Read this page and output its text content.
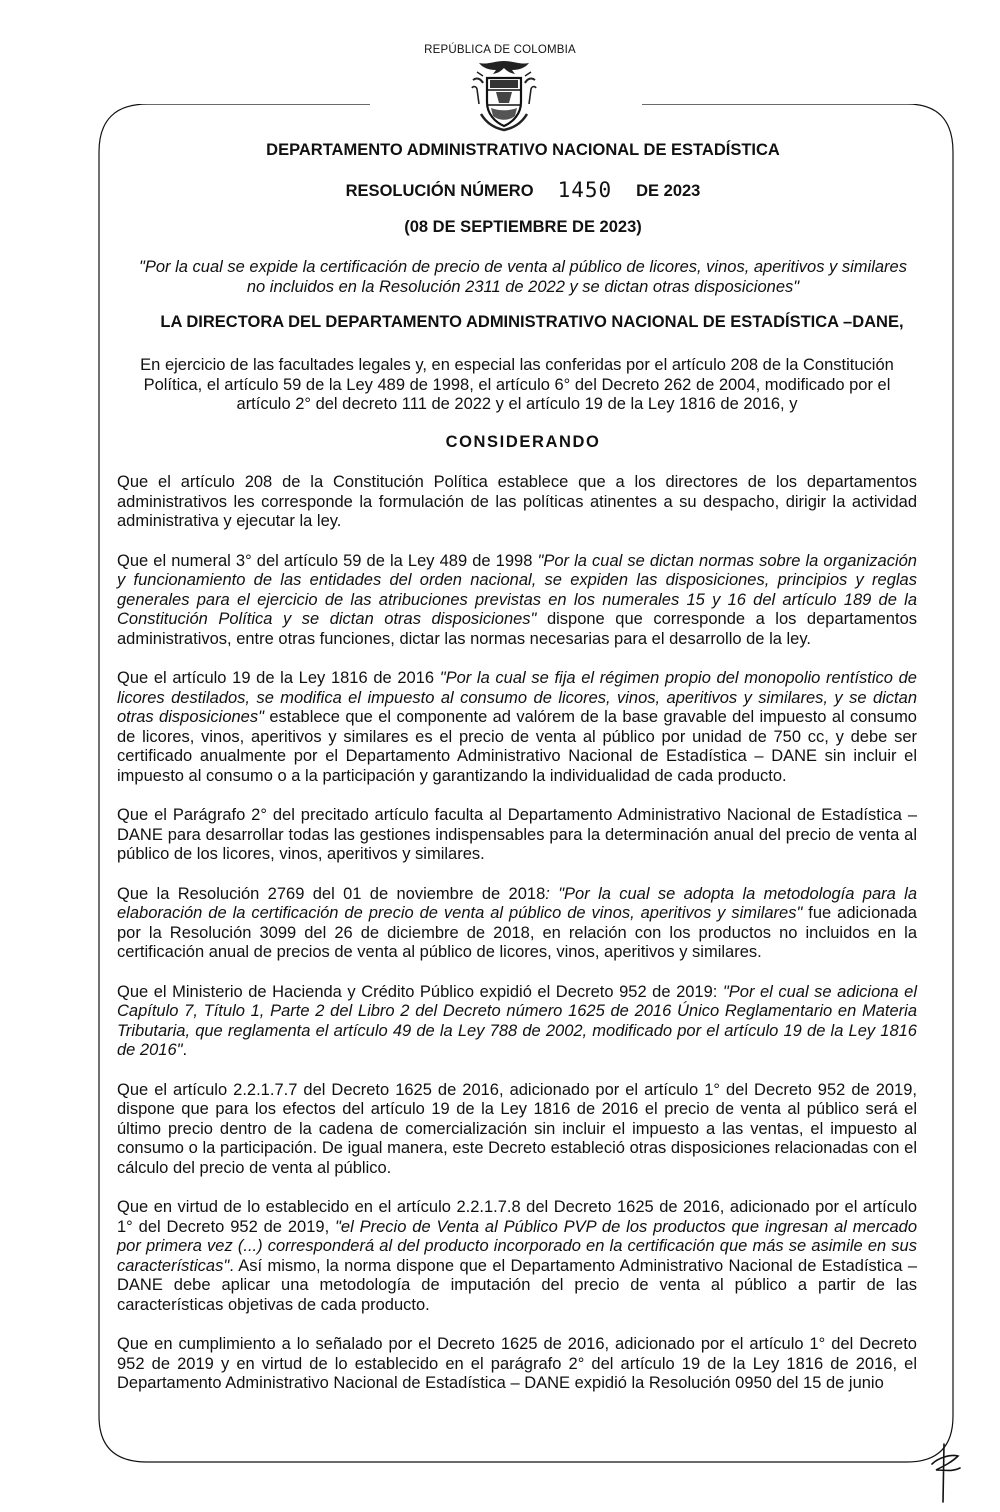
REPÚBLICA DE COLOMBIA
DEPARTAMENTO ADMINISTRATIVO NACIONAL DE ESTADÍSTICA
RESOLUCIÓN NÚMERO 1450 DE 2023
(08 DE SEPTIEMBRE DE 2023)
"Por la cual se expide la certificación de precio de venta al público de licores, vinos, aperitivos y similares no incluidos en la Resolución 2311 de 2022 y se dictan otras disposiciones"
LA DIRECTORA DEL DEPARTAMENTO ADMINISTRATIVO NACIONAL DE ESTADÍSTICA –DANE,
En ejercicio de las facultades legales y, en especial las conferidas por el artículo 208 de la Constitución Política, el artículo 59 de la Ley 489 de 1998, el artículo 6° del Decreto 262 de 2004, modificado por el artículo 2° del decreto 111 de 2022 y el artículo 19 de la Ley 1816 de 2016, y
CONSIDERANDO

Que el artículo 208 de la Constitución Política establece que a los directores de los departamentos administrativos les corresponde la formulación de las políticas atinentes a su despacho, dirigir la actividad administrativa y ejecutar la ley.

Que el numeral 3° del artículo 59 de la Ley 489 de 1998 "Por la cual se dictan normas sobre la organización y funcionamiento de las entidades del orden nacional, se expiden las disposiciones, principios y reglas generales para el ejercicio de las atribuciones previstas en los numerales 15 y 16 del artículo 189 de la Constitución Política y se dictan otras disposiciones" dispone que corresponde a los departamentos administrativos, entre otras funciones, dictar las normas necesarias para el desarrollo de la ley.

Que el artículo 19 de la Ley 1816 de 2016 "Por la cual se fija el régimen propio del monopolio rentístico de licores destilados, se modifica el impuesto al consumo de licores, vinos, aperitivos y similares, y se dictan otras disposiciones" establece que el componente ad valórem de la base gravable del impuesto al consumo de licores, vinos, aperitivos y similares es el precio de venta al público por unidad de 750 cc, y debe ser certificado anualmente por el Departamento Administrativo Nacional de Estadística – DANE sin incluir el impuesto al consumo o a la participación y garantizando la individualidad de cada producto.

Que el Parágrafo 2° del precitado artículo faculta al Departamento Administrativo Nacional de Estadística – DANE para desarrollar todas las gestiones indispensables para la determinación anual del precio de venta al público de los licores, vinos, aperitivos y similares.

Que la Resolución 2769 del 01 de noviembre de 2018: "Por la cual se adopta la metodología para la elaboración de la certificación de precio de venta al público de vinos, aperitivos y similares" fue adicionada por la Resolución 3099 del 26 de diciembre de 2018, en relación con los productos no incluidos en la certificación anual de precios de venta al público de licores, vinos, aperitivos y similares.

Que el Ministerio de Hacienda y Crédito Público expidió el Decreto 952 de 2019: "Por el cual se adiciona el Capítulo 7, Título 1, Parte 2 del Libro 2 del Decreto número 1625 de 2016 Único Reglamentario en Materia Tributaria, que reglamenta el artículo 49 de la Ley 788 de 2002, modificado por el artículo 19 de la Ley 1816 de 2016".

Que el artículo 2.2.1.7.7 del Decreto 1625 de 2016, adicionado por el artículo 1° del Decreto 952 de 2019, dispone que para los efectos del artículo 19 de la Ley 1816 de 2016 el precio de venta al público será el último precio dentro de la cadena de comercialización sin incluir el impuesto a las ventas, el impuesto al consumo o la participación. De igual manera, este Decreto estableció otras disposiciones relacionadas con el cálculo del precio de venta al público.

Que en virtud de lo establecido en el artículo 2.2.1.7.8 del Decreto 1625 de 2016, adicionado por el artículo 1° del Decreto 952 de 2019, "el Precio de Venta al Público PVP de los productos que ingresan al mercado por primera vez (...) corresponderá al del producto incorporado en la certificación que más se asimile en sus características". Así mismo, la norma dispone que el Departamento Administrativo Nacional de Estadística – DANE debe aplicar una metodología de imputación del precio de venta al público a partir de las características objetivas de cada producto.

Que en cumplimiento a lo señalado por el Decreto 1625 de 2016, adicionado por el artículo 1° del Decreto 952 de 2019 y en virtud de lo establecido en el parágrafo 2° del artículo 19 de la Ley 1816 de 2016, el Departamento Administrativo Nacional de Estadística – DANE expidió la Resolución 0950 del 15 de junio
